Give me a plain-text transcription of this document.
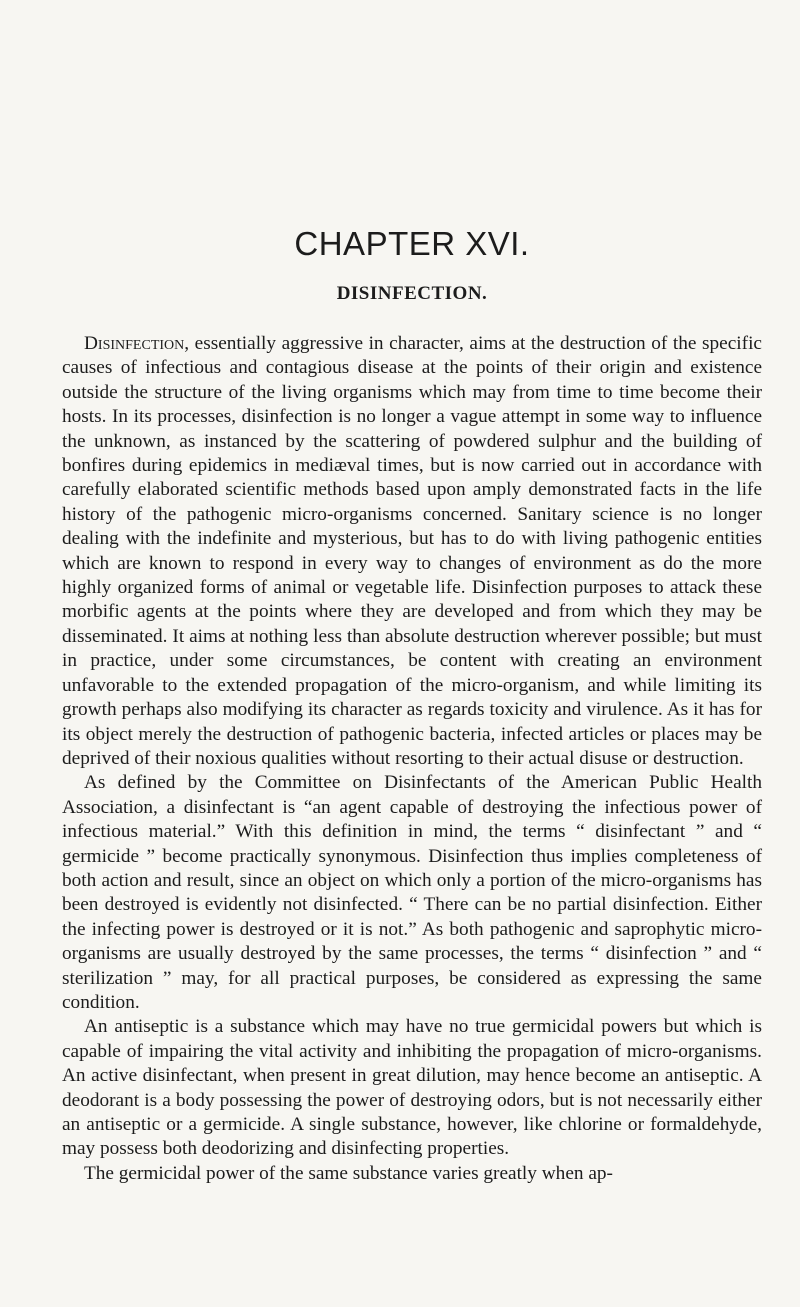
CHAPTER XVI.
DISINFECTION.

Disinfection, essentially aggressive in character, aims at the destruction of the specific causes of infectious and contagious disease at the points of their origin and existence outside the structure of the living organisms which may from time to time become their hosts. In its processes, disinfection is no longer a vague attempt in some way to influence the unknown, as instanced by the scattering of powdered sulphur and the building of bonfires during epidemics in mediæval times, but is now carried out in accordance with carefully elaborated scientific methods based upon amply demonstrated facts in the life history of the pathogenic micro-organisms concerned. Sanitary science is no longer dealing with the indefinite and mysterious, but has to do with living pathogenic entities which are known to respond in every way to changes of environment as do the more highly organized forms of animal or vegetable life. Disinfection purposes to attack these morbific agents at the points where they are developed and from which they may be disseminated. It aims at nothing less than absolute destruction wherever possible; but must in practice, under some circumstances, be content with creating an environment unfavorable to the extended propagation of the micro-organism, and while limiting its growth perhaps also modifying its character as regards toxicity and virulence. As it has for its object merely the destruction of pathogenic bacteria, infected articles or places may be deprived of their noxious qualities without resorting to their actual disuse or destruction.

As defined by the Committee on Disinfectants of the American Public Health Association, a disinfectant is “an agent capable of destroying the infectious power of infectious material.” With this definition in mind, the terms “ disinfectant ” and “ germicide ” become practically synonymous. Disinfection thus implies completeness of both action and result, since an object on which only a portion of the micro-organisms has been destroyed is evidently not disinfected. “ There can be no partial disinfection. Either the infecting power is destroyed or it is not.” As both pathogenic and saprophytic micro-organisms are usually destroyed by the same processes, the terms “ disinfection ” and “ sterilization ” may, for all practical purposes, be considered as expressing the same condition.

An antiseptic is a substance which may have no true germicidal powers but which is capable of impairing the vital activity and inhibiting the propagation of micro-organisms. An active disinfectant, when present in great dilution, may hence become an antiseptic. A deodorant is a body possessing the power of destroying odors, but is not necessarily either an antiseptic or a germicide. A single substance, however, like chlorine or formaldehyde, may possess both deodorizing and disinfecting properties.

The germicidal power of the same substance varies greatly when ap-
